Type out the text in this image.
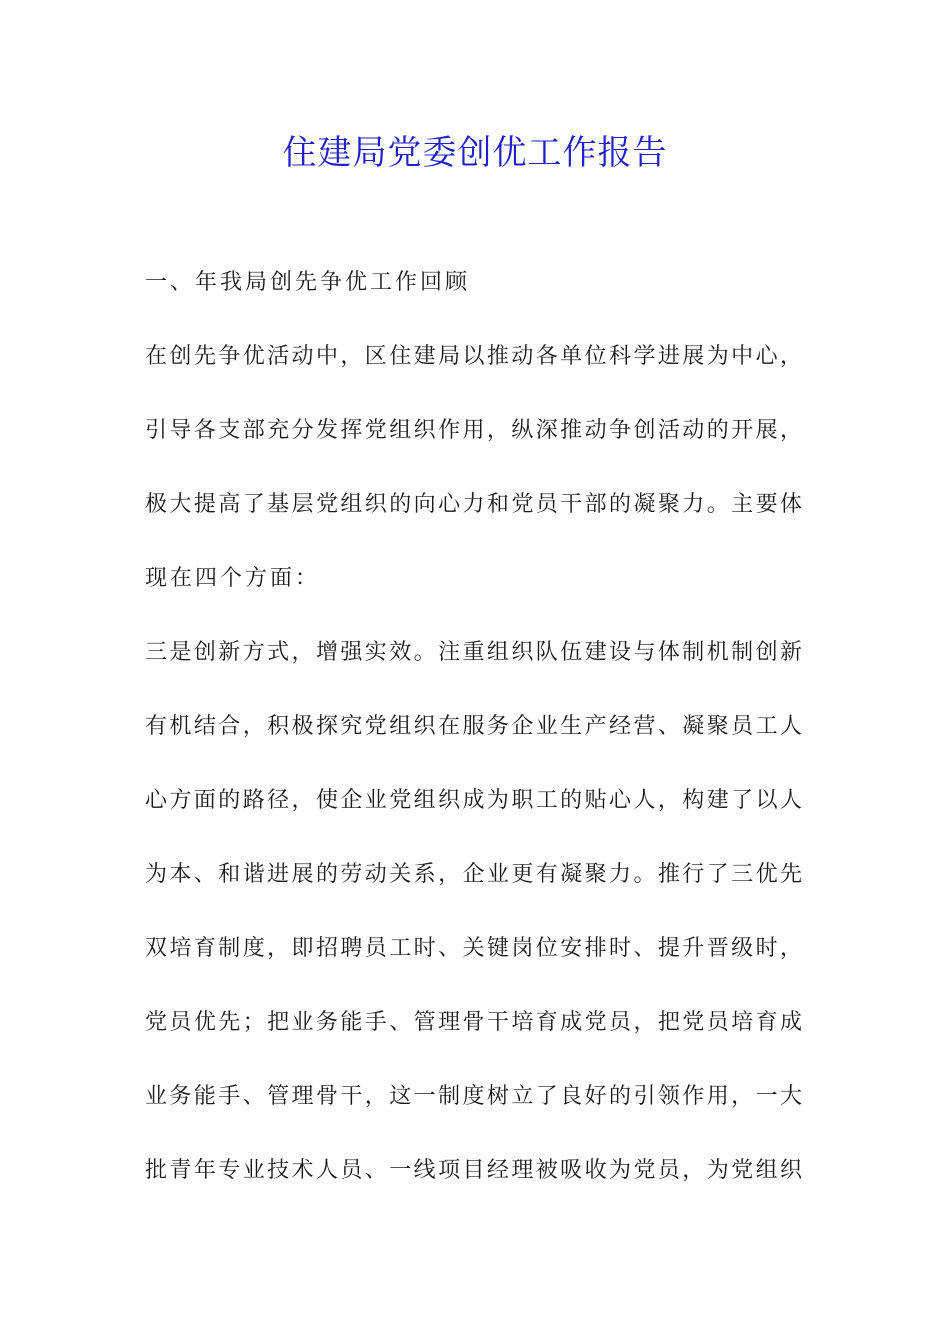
住建局党委创优工作报告
一、年我局创先争优工作回顾
在创先争优活动中，区住建局以推动各单位科学进展为中心，
引导各支部充分发挥党组织作用，纵深推动争创活动的开展，
极大提高了基层党组织的向心力和党员干部的凝聚力。主要体
现在四个方面：
三是创新方式，增强实效。注重组织队伍建设与体制机制创新
有机结合，积极探究党组织在服务企业生产经营、凝聚员工人
心方面的路径，使企业党组织成为职工的贴心人，构建了以人
为本、和谐进展的劳动关系，企业更有凝聚力。推行了三优先
双培育制度，即招聘员工时、关键岗位安排时、提升晋级时，
党员优先；把业务能手、管理骨干培育成党员，把党员培育成
业务能手、管理骨干，这一制度树立了良好的引领作用，一大
批青年专业技术人员、一线项目经理被吸收为党员，为党组织
